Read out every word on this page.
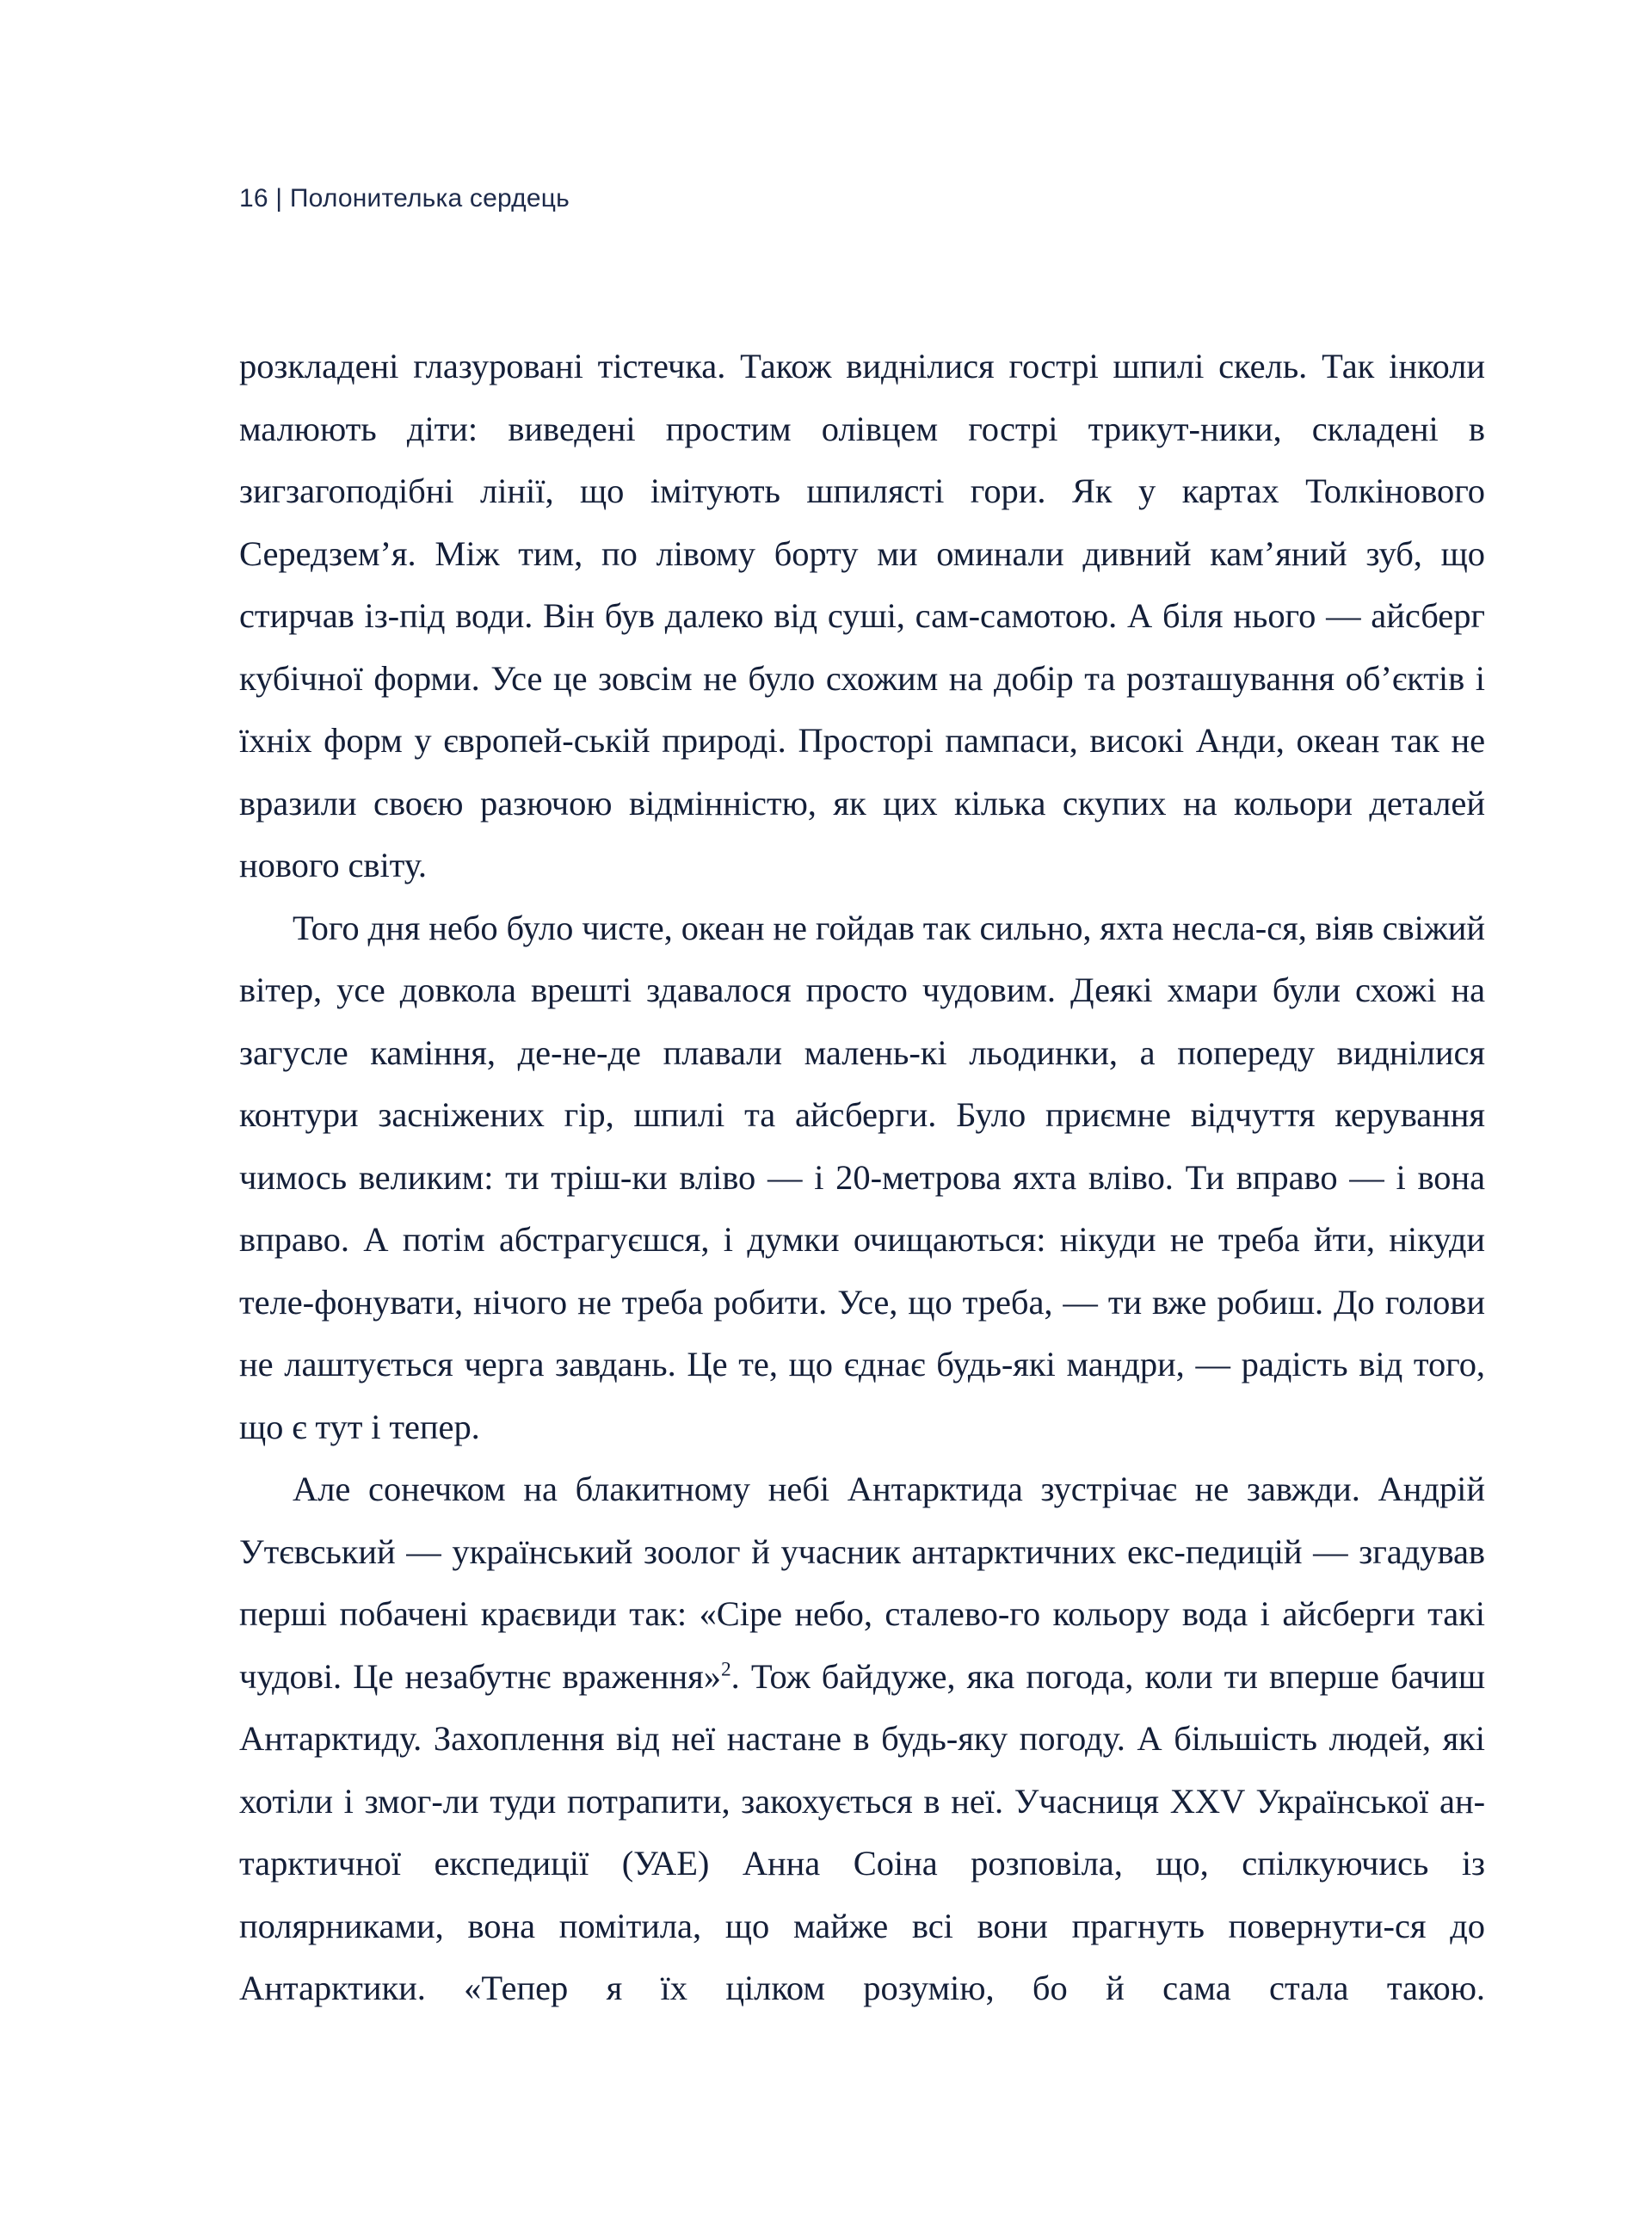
16 | Полонителька сердець

розкладені глазуровані тістечка. Також виднілися гострі шпилі скель. Так інколи малюють діти: виведені простим олівцем гострі трикут-ники, складені в зигзагоподібні лінії, що імітують шпилясті гори. Як у картах Толкінового Середзем’я. Між тим, по лівому борту ми оминали дивний кам’яний зуб, що стирчав із-під води. Він був далеко від суші, сам-самотою. А біля нього — айсберг кубічної форми. Усе це зовсім не було схожим на добір та розташування об’єктів і їхніх форм у європей-ській природі. Просторі пампаси, високі Анди, океан так не вразили своєю разючою відмінністю, як цих кілька скупих на кольори деталей нового світу.

Того дня небо було чисте, океан не гойдав так сильно, яхта несла-ся, віяв свіжий вітер, усе довкола врешті здавалося просто чудовим. Деякі хмари були схожі на загусле каміння, де-не-де плавали малень-кі льодинки, а попереду виднілися контури засніжених гір, шпилі та айсберги. Було приємне відчуття керування чимось великим: ти тріш-ки вліво — і 20-метрова яхта вліво. Ти вправо — і вона вправо. А потім абстрагуєшся, і думки очищаються: нікуди не треба йти, нікуди теле-фонувати, нічого не треба робити. Усе, що треба, — ти вже робиш. До голови не лаштується черга завдань. Це те, що єднає будь-які мандри, — радість від того, що є тут і тепер.

Але сонечком на блакитному небі Антарктида зустрічає не завжди. Андрій Утєвський — український зоолог й учасник антарктичних екс-педицій — згадував перші побачені краєвиди так: «Сіре небо, сталево-го кольору вода і айсберги такі чудові. Це незабутнє враження»$^2$. Тож байдуже, яка погода, коли ти вперше бачиш Антарктиду. Захоплення від неї настане в будь-яку погоду. А більшість людей, які хотіли і змог-ли туди потрапити, закохується в неї. Учасниця XXV Української ан-тарктичної експедиції (УАЕ) Анна Соіна розповіла, що, спілкуючись із полярниками, вона помітила, що майже всі вони прагнуть повернути-ся до Антарктики. «Тепер я їх цілком розумію, бо й сама стала такою.
